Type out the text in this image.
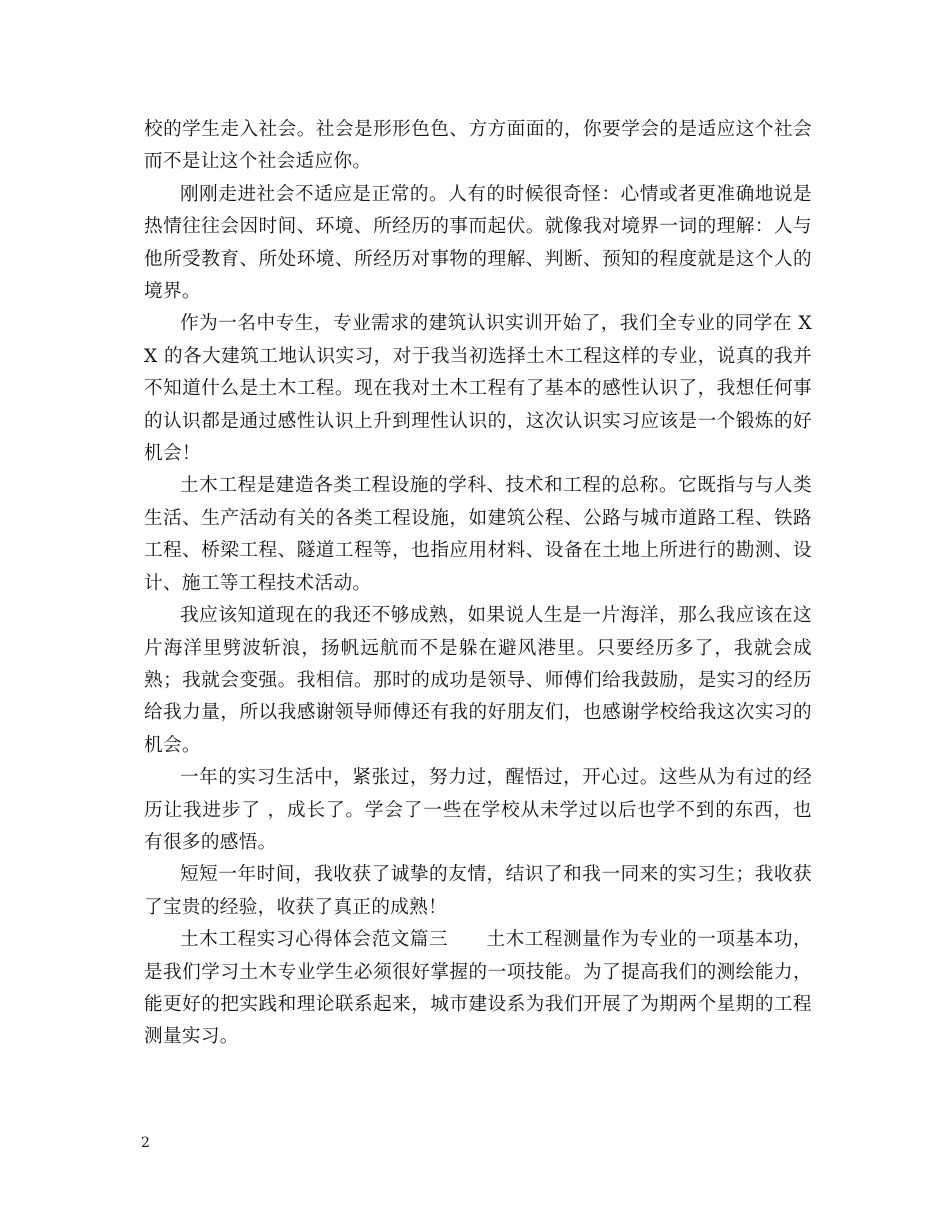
校的学生走入社会。社会是形形色色、方方面面的，你要学会的是适应这个社会而不是让这个社会适应你。

刚刚走进社会不适应是正常的。人有的时候很奇怪：心情或者更准确地说是热情往往会因时间、环境、所经历的事而起伏。就像我对境界一词的理解：人与他所受教育、所处环境、所经历对事物的理解、判断、预知的程度就是这个人的境界。

作为一名中专生，专业需求的建筑认识实训开始了，我们全专业的同学在 XX 的各大建筑工地认识实习，对于我当初选择土木工程这样的专业，说真的我并不知道什么是土木工程。现在我对土木工程有了基本的感性认识了，我想任何事的认识都是通过感性认识上升到理性认识的，这次认识实习应该是一个锻炼的好机会！

土木工程是建造各类工程设施的学科、技术和工程的总称。它既指与与人类生活、生产活动有关的各类工程设施，如建筑公程、公路与城市道路工程、铁路工程、桥梁工程、隧道工程等，也指应用材料、设备在土地上所进行的勘测、设计、施工等工程技术活动。

我应该知道现在的我还不够成熟，如果说人生是一片海洋，那么我应该在这片海洋里劈波斩浪，扬帆远航而不是躲在避风港里。只要经历多了，我就会成熟；我就会变强。我相信。那时的成功是领导、师傅们给我鼓励，是实习的经历给我力量，所以我感谢领导师傅还有我的好朋友们，也感谢学校给我这次实习的机会。

一年的实习生活中，紧张过，努力过，醒悟过，开心过。这些从为有过的经历让我进步了 ，成长了。学会了一些在学校从未学过以后也学不到的东西，也有很多的感悟。

短短一年时间，我收获了诚挚的友情，结识了和我一同来的实习生；我收获了宝贵的经验，收获了真正的成熟！

土木工程实习心得体会范文篇三　　土木工程测量作为专业的一项基本功，是我们学习土木专业学生必须很好掌握的一项技能。为了提高我们的测绘能力，能更好的把实践和理论联系起来，城市建设系为我们开展了为期两个星期的工程测量实习。

2
